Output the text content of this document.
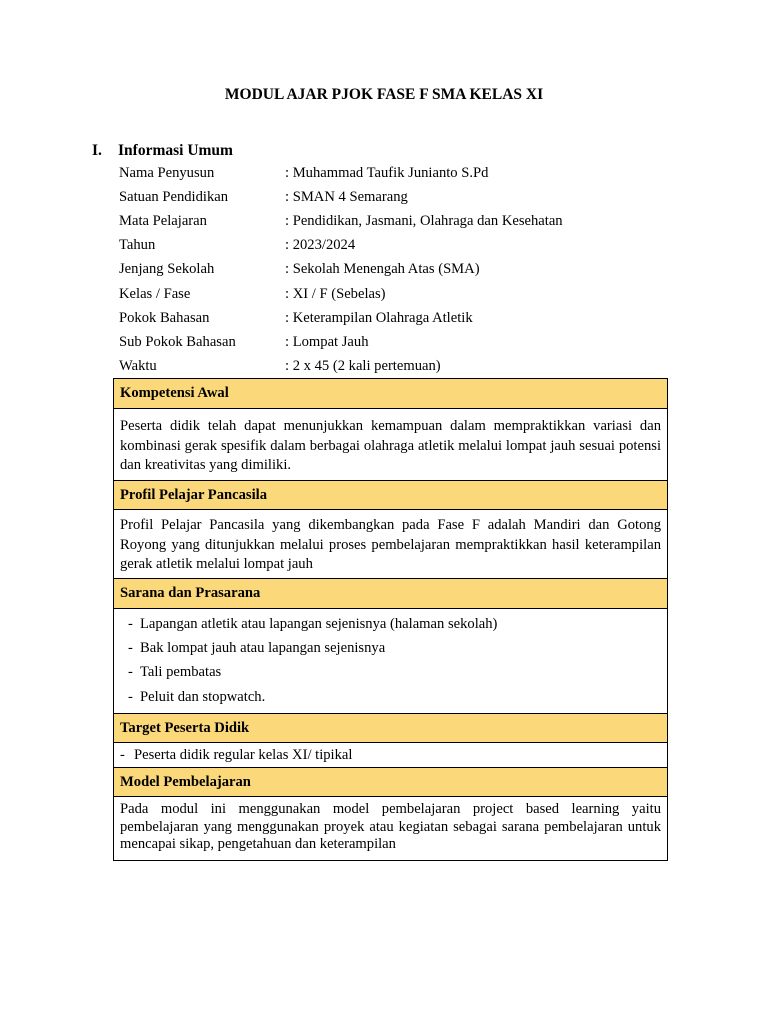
MODUL AJAR PJOK FASE F SMA KELAS XI
I. Informasi Umum
Nama Penyusun	: Muhammad Taufik Junianto S.Pd
Satuan Pendidikan	: SMAN 4 Semarang
Mata Pelajaran	: Pendidikan, Jasmani, Olahraga dan Kesehatan
Tahun	: 2023/2024
Jenjang Sekolah	: Sekolah Menengah Atas (SMA)
Kelas / Fase	: XI / F (Sebelas)
Pokok Bahasan	: Keterampilan Olahraga Atletik
Sub Pokok Bahasan	: Lompat Jauh
Waktu	: 2 x 45 (2 kali pertemuan)
Kompetensi Awal
Peserta didik telah dapat menunjukkan kemampuan dalam mempraktikkan variasi dan kombinasi gerak spesifik dalam berbagai olahraga atletik melalui lompat jauh sesuai potensi dan kreativitas yang dimiliki.
Profil Pelajar Pancasila
Profil Pelajar Pancasila yang dikembangkan pada Fase F adalah Mandiri dan Gotong Royong yang ditunjukkan melalui proses pembelajaran mempraktikkan hasil keterampilan gerak atletik melalui lompat jauh
Sarana dan Prasarana
- Lapangan atletik atau lapangan sejenisnya (halaman sekolah)
- Bak lompat jauh atau lapangan sejenisnya
- Tali pembatas
- Peluit dan stopwatch.
Target Peserta Didik
- Peserta didik regular kelas XI/ tipikal
Model Pembelajaran
Pada modul ini menggunakan model pembelajaran project based learning yaitu pembelajaran yang menggunakan proyek atau kegiatan sebagai sarana pembelajaran untuk mencapai sikap, pengetahuan dan keterampilan
